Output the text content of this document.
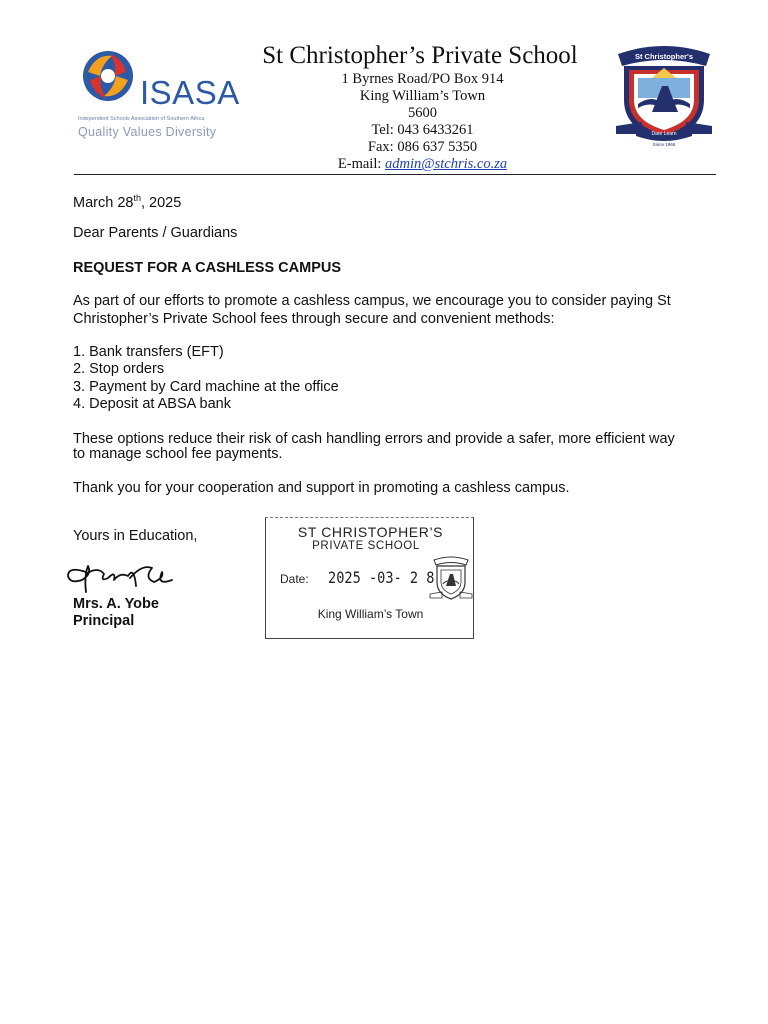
ISASA
Independent Schools Association of Southern Africa
Quality Values Diversity
St Christopher’s Private School
1 Byrnes Road/PO Box 914
King William’s Town
5600
Tel: 043 6433261
Fax: 086 637 5350
E-mail: admin@stchris.co.za
St Christopher's
Dare Learn
Since 1966
March 28th, 2025
Dear Parents / Guardians
REQUEST FOR A CASHLESS CAMPUS
As part of our efforts to promote a cashless campus, we encourage you to consider paying St
Christopher’s Private School fees through secure and convenient methods:
1. Bank transfers (EFT)
2. Stop orders
3. Payment by Card machine at the office
4. Deposit at ABSA bank
These options reduce their risk of cash handling errors and provide a safer, more efficient way
to manage school fee payments.
Thank you for your cooperation and support in promoting a cashless campus.
Yours in Education,
Mrs. A. Yobe
Principal
ST CHRISTOPHER’S
PRIVATE SCHOOL
Date: 2025 -03- 2 8
King William’s Town
